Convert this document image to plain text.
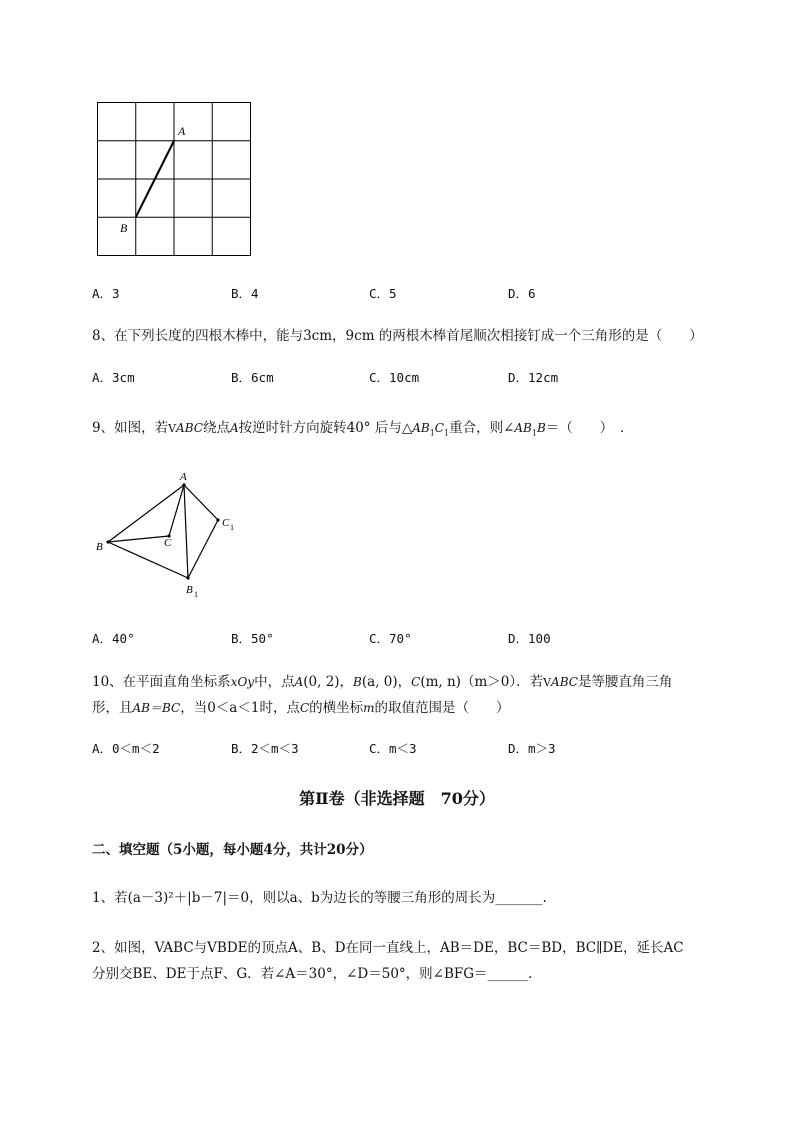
A
B
A．3	B．4	C．5	D．6
8、在下列长度的四根木棒中，能与3cm，9cm 的两根木棒首尾顺次相接钉成一个三角形的是（　　）
A．3cm	B．6cm	C．10cm	D．12cm
9、如图，若VABC绕点A按逆时针方向旋转40° 后与$\triangle AB_1C_1$重合，则$\angle AB_1B=$（　　）　．
A
B	C
C 1
B 1
A．40°	B．50°	C．70°	D．100
10、在平面直角坐标系xOy中，点A(0, 2)，B(a, 0)，C(m, n)（m＞0）．若VABC是等腰直角三角
形，且AB＝BC，当0＜a＜1时，点C的横坐标m的取值范围是（　　）
A．0＜m＜2	B．2＜m＜3	C．m＜3	D．m＞3
第Ⅱ卷（非选择题　70分）
二、填空题（5小题，每小题4分，共计20分）
1、若(a－3)²＋|b－7|＝0，则以a、b为边长的等腰三角形的周长为_______.
2、如图，VABC与VBDE的顶点A、B、D在同一直线上，AB＝DE，BC＝BD，BC∥DE，延长AC
分别交BE、DE于点F、G．若∠A＝30°，∠D＝50°，则∠BFG＝______.
